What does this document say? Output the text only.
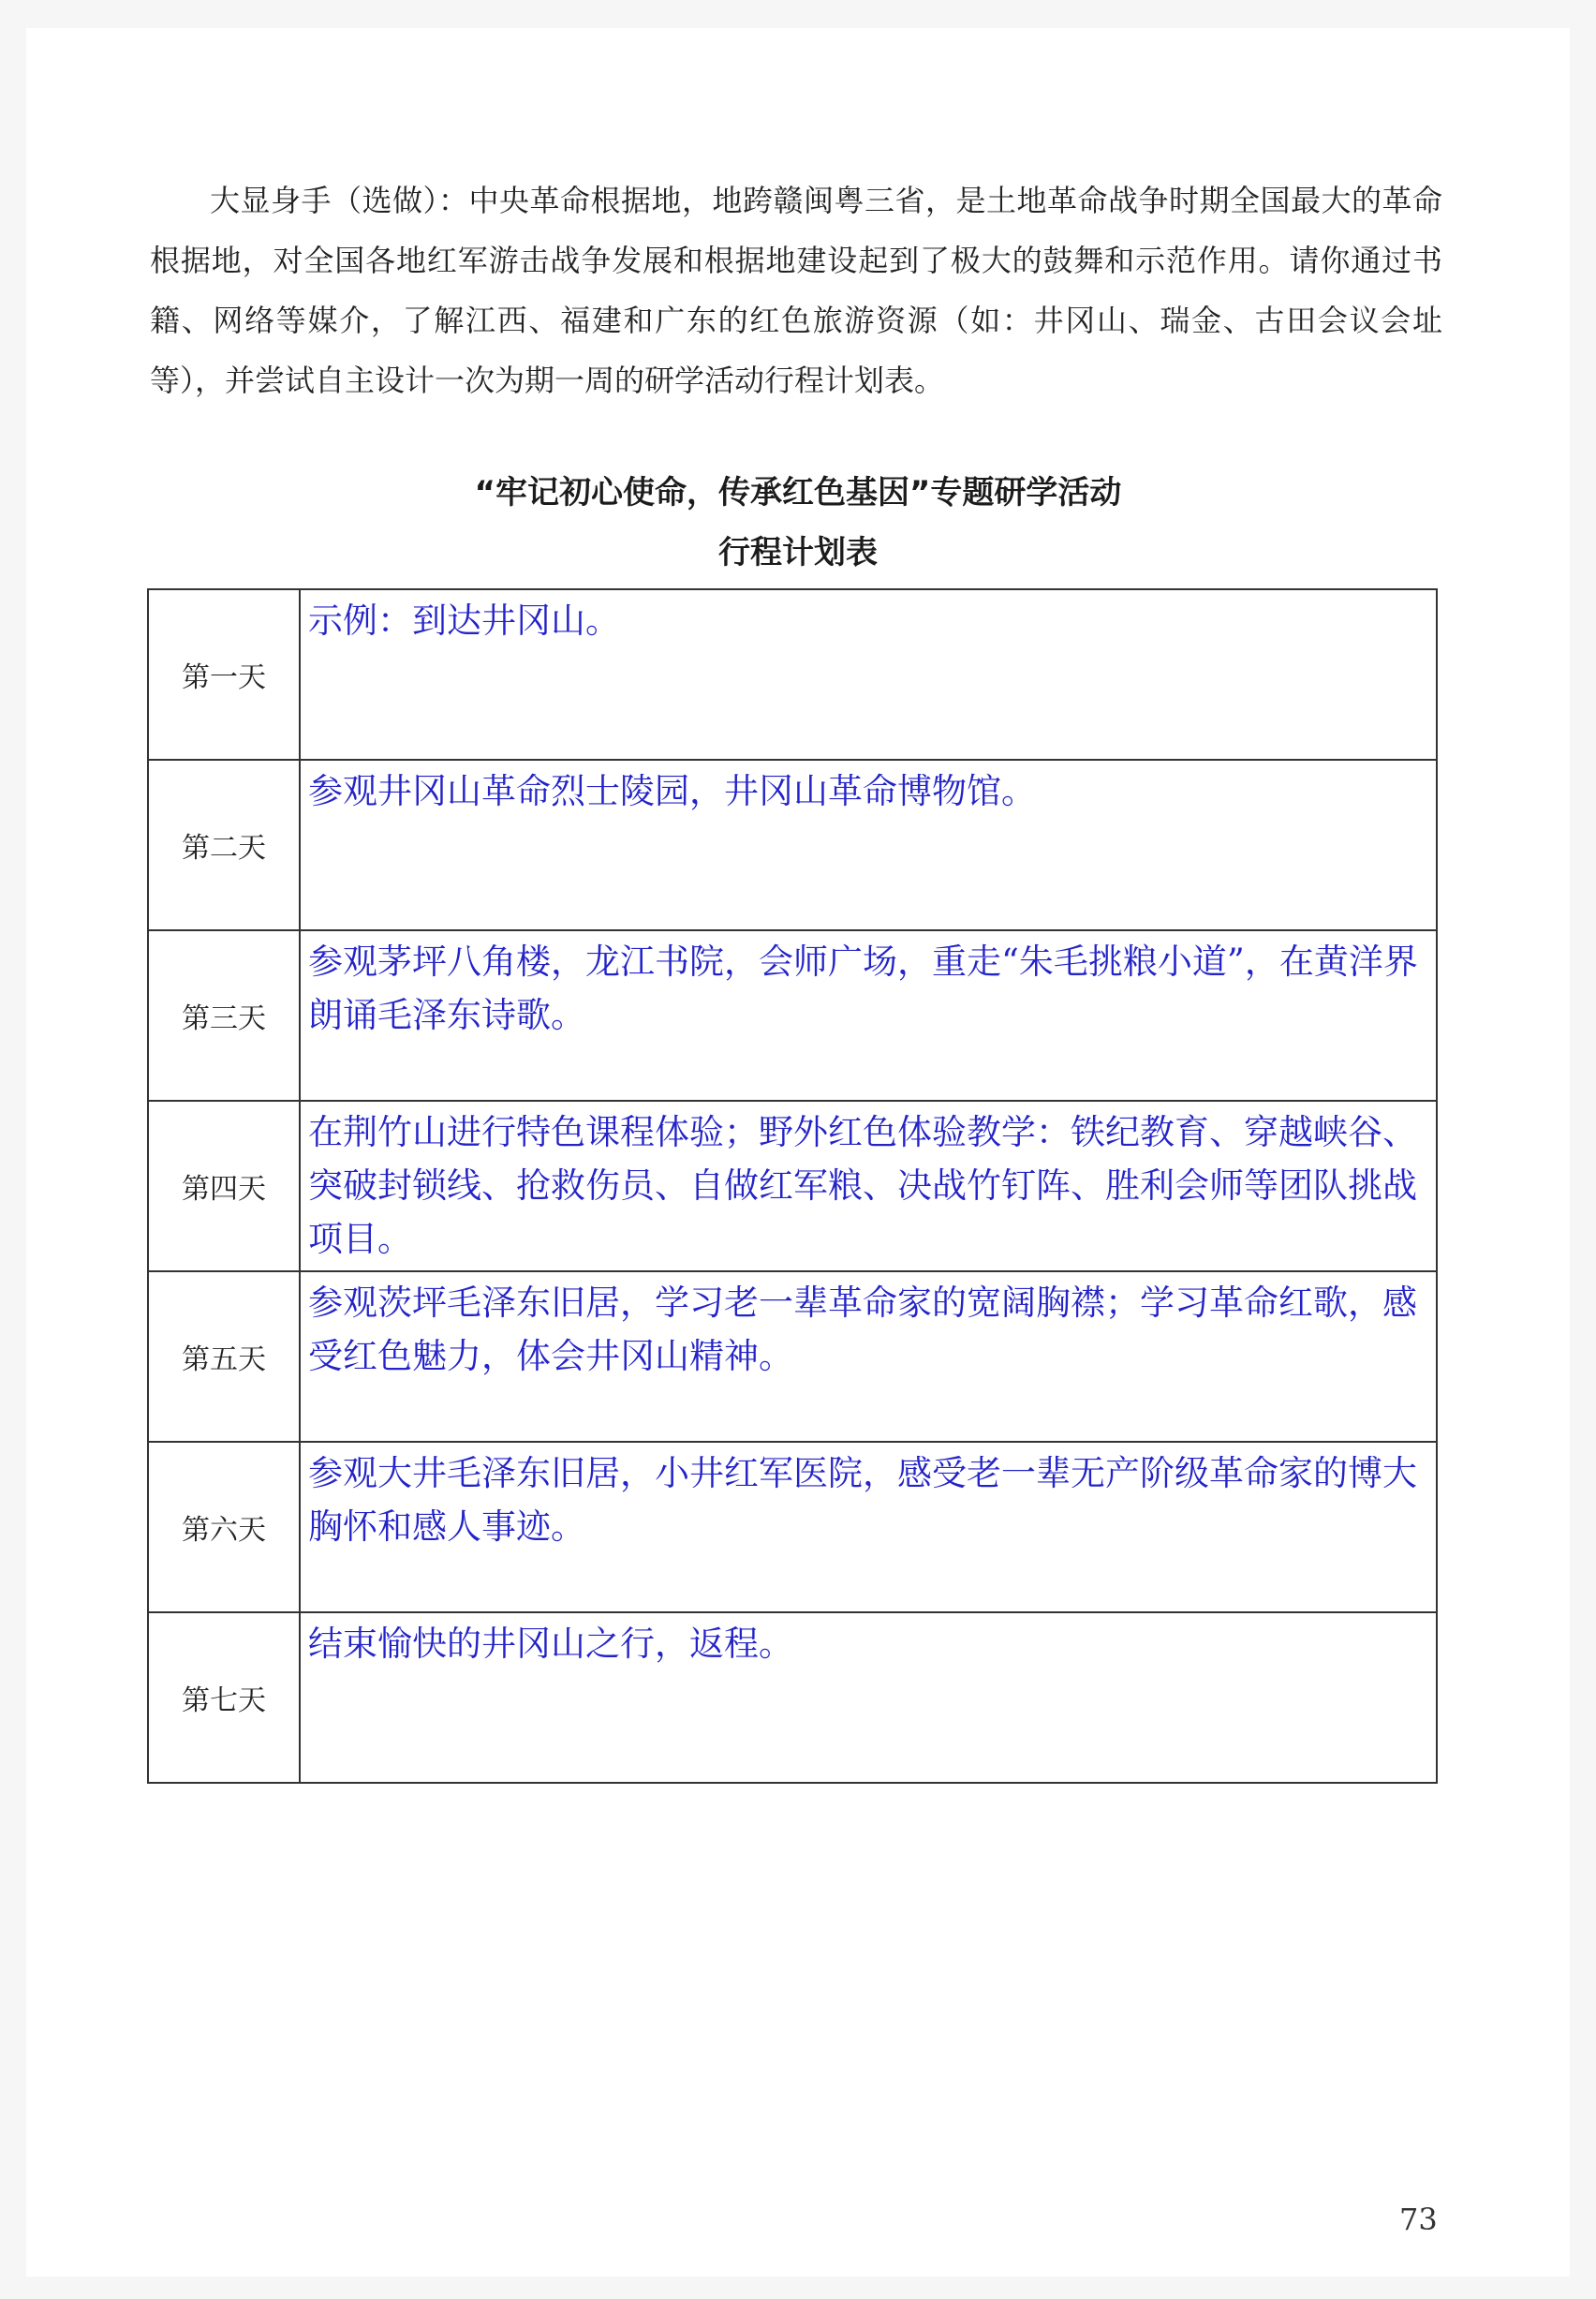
大显身手（选做）：中央革命根据地，地跨赣闽粤三省，是土地革命战争时期全国最大的革命根据地，对全国各地红军游击战争发展和根据地建设起到了极大的鼓舞和示范作用。请你通过书籍、网络等媒介，了解江西、福建和广东的红色旅游资源（如：井冈山、瑞金、古田会议会址等），并尝试自主设计一次为期一周的研学活动行程计划表。

“牢记初心使命，传承红色基因”专题研学活动
行程计划表
第一天	示例：到达井冈山。
第二天	参观井冈山革命烈士陵园，井冈山革命博物馆。
第三天	参观茅坪八角楼，龙江书院，会师广场，重走“朱毛挑粮小道”，在黄洋界朗诵毛泽东诗歌。
第四天	在荆竹山进行特色课程体验；野外红色体验教学：铁纪教育、穿越峡谷、突破封锁线、抢救伤员、自做红军粮、决战竹钉阵、胜利会师等团队挑战项目。
第五天	参观茨坪毛泽东旧居，学习老一辈革命家的宽阔胸襟；学习革命红歌，感受红色魅力，体会井冈山精神。
第六天	参观大井毛泽东旧居，小井红军医院，感受老一辈无产阶级革命家的博大胸怀和感人事迹。
第七天	结束愉快的井冈山之行，返程。
73
